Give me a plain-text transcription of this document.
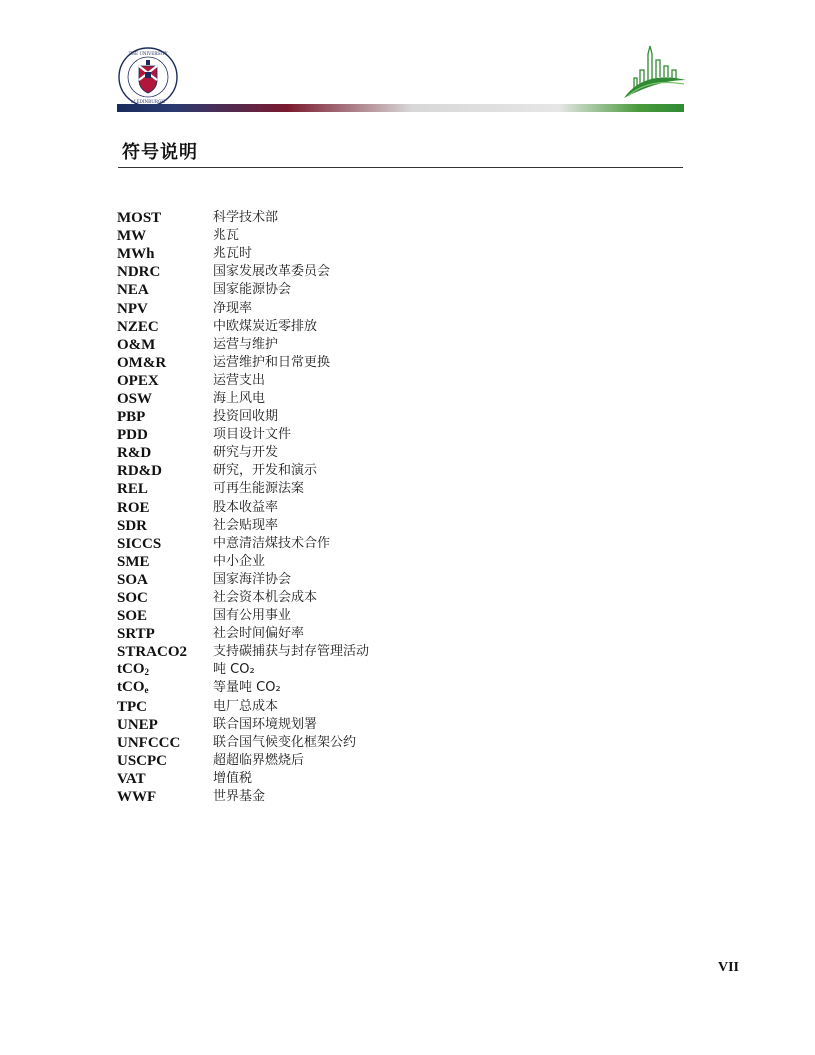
THE UNIVERSITY
of EDINBURGH
符号说明
MOST	科学技术部
MW	兆瓦
MWh	兆瓦时
NDRC	国家发展改革委员会
NEA	国家能源协会
NPV	净现率
NZEC	中欧煤炭近零排放
O&M	运营与维护
OM&R	运营维护和日常更换
OPEX	运营支出
OSW	海上风电
PBP	投资回收期
PDD	项目设计文件
R&D	研究与开发
RD&D	研究，开发和演示
REL	可再生能源法案
ROE	股本收益率
SDR	社会贴现率
SICCS	中意清洁煤技术合作
SME	中小企业
SOA	国家海洋协会
SOC	社会资本机会成本
SOE	国有公用事业
SRTP	社会时间偏好率
STRACO2	支持碳捕获与封存管理活动
tCO$_2$	吨 CO₂
tCO$_e$	等量吨 CO₂
TPC	电厂总成本
UNEP	联合国环境规划署
UNFCCC	联合国气候变化框架公约
USCPC	超超临界燃烧后
VAT	增值税
WWF	世界基金
VII
